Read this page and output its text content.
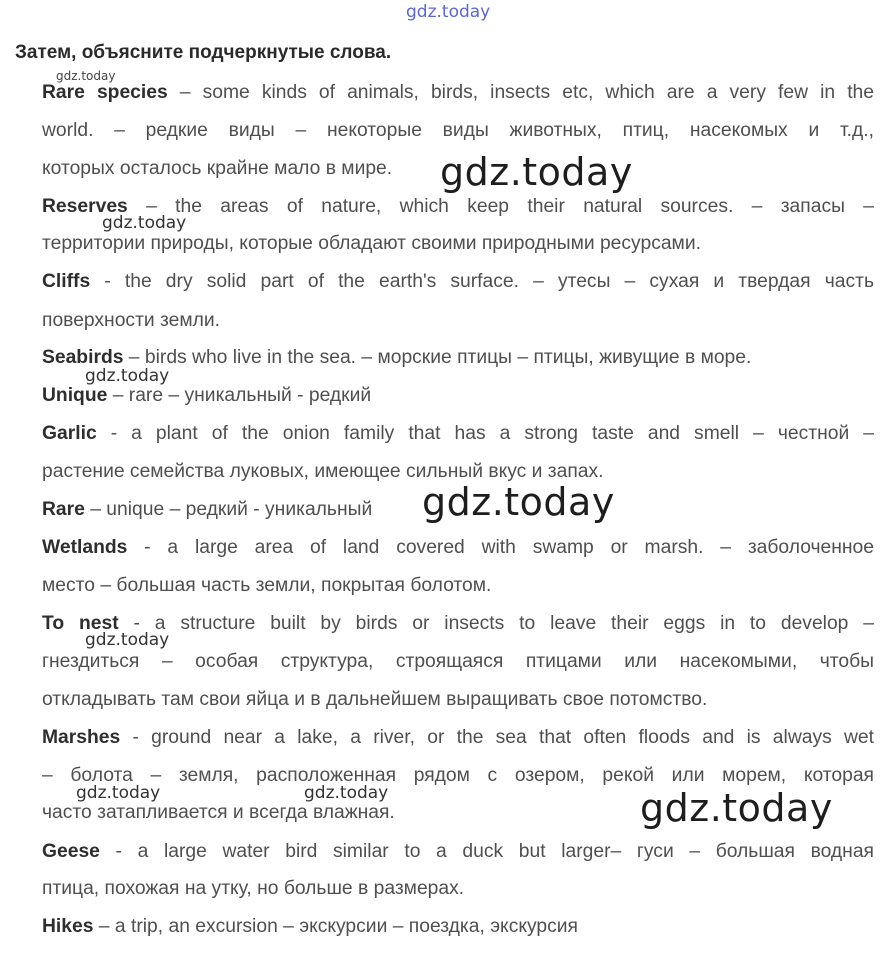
gdz.today
gdz.today
Затем, объясните подчеркнутые слова.
Rare species – some kinds of animals, birds, insects etc, which are a very few in the
world. – редкие виды – некоторые виды животных, птиц, насекомых и т.д.,
которых осталось крайне мало в мире.
Reserves – the areas of nature, which keep their natural sources. – запасы –
территории природы, которые обладают своими природными ресурсами.
Cliffs - the dry solid part of the earth's surface. – утесы – сухая и твердая часть
поверхности земли.
Seabirds – birds who live in the sea. – морские птицы – птицы, живущие в море.
Unique – rare – уникальный - редкий
Garlic - a plant of the onion family that has a strong taste and smell – честной –
растение семейства луковых, имеющее сильный вкус и запах.
Rare – unique – редкий - уникальный
Wetlands - a large area of land covered with swamp or marsh. – заболоченное
место – большая часть земли, покрытая болотом.
To nest - a structure built by birds or insects to leave their eggs in to develop –
гнездиться – особая структура, строящаяся птицами или насекомыми, чтобы
откладывать там свои яйца и в дальнейшем выращивать свое потомство.
Marshes - ground near a lake, a river, or the sea that often floods and is always wet
– болота – земля, расположенная рядом с озером, рекой или морем, которая
часто затапливается и всегда влажная.
Geese - a large water bird similar to a duck but larger– гуси – большая водная
птица, похожая на утку, но больше в размерах.
Hikes – a trip, an excursion – экскурсии – поездка, экскурсия
gdz.today
gdz.today
gdz.today
gdz.today
gdz.today
gdz.today	gdz.today	gdz.today
